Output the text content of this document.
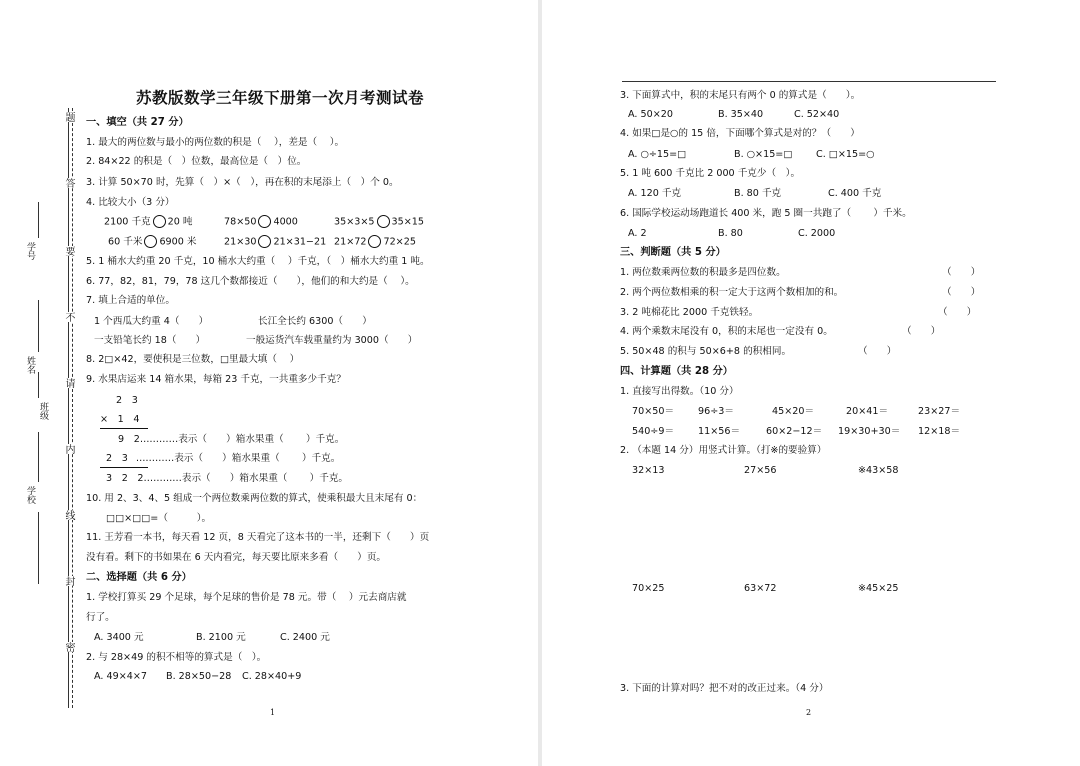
题
答
要
不
请
内
线
封
密
学号
姓名
班级
学校
苏教版数学三年级下册第一次月考测试卷
一、填空（共 27 分）
1. 最大的两位数与最小的两位数的积是（　 ），差是（　 ）。
2. 84×22 的积是（　）位数，最高位是（　）位。
3. 计算 50×70 时，先算（　）×（　），再在积的末尾添上（　）个 0。
4. 比较大小（3 分）
2100 千克 20 吨	78×50 4000	35×3×5 35×15
60 千米 6900 米	21×30 21×31−21 21×72 72×25
5. 1 桶水大约重 20 千克，10 桶水大约重（　 ）千克，（　）桶水大约重 1 吨。
6. 77，82，81，79，78 这几个数都接近（　　），他们的和大约是（　 ）。
7. 填上合适的单位。
1 个西瓜大约重 4（　　）	长江全长约 6300（　　）
一支铅笔长约 18（　　）	一般运货汽车载重量约为 3000（　　）
8. 2□×42，要使积是三位数，□里最大填（　 ）
9. 水果店运来 14 箱水果，每箱 23 千克，一共重多少千克？
2　3
×　1　4
9　2…………表示（　　）箱水果重（　　 ）千克。
2　3 …………表示（　　）箱水果重（　　 ）千克。
3　2　2…………表示（　　）箱水果重（　　 ）千克。
10. 用 2、3、4、5 组成一个两位数乘两位数的算式，使乘积最大且末尾有 0：
□□×□□=（　　　）。
11. 王芳看一本书，每天看 12 页，8 天看完了这本书的一半，还剩下（　　）页
没有看。剩下的书如果在 6 天内看完，每天要比原来多看（　　）页。
二、选择题（共 6 分）
1. 学校打算买 29 个足球，每个足球的售价是 78 元。带（　 ）元去商店就
行了。
A. 3400 元	B. 2100 元	C. 2400 元
2. 与 28×49 的积不相等的算式是（　）。
A. 49×4×7 B. 28×50−28 C. 28×40+9
1
3. 下面算式中，积的末尾只有两个 0 的算式是（　　）。
A. 50×20	B. 35×40	C. 52×40
4. 如果□是○的 15 倍，下面哪个算式是对的？（　　）
A. ○÷15=□	B. ○×15=□ C. □×15=○
5. 1 吨 600 千克比 2 000 千克少（　）。
A. 120 千克	B. 80 千克	C. 400 千克
6. 国际学校运动场跑道长 400 米，跑 5 圈一共跑了（　　 ）千米。
A. 2	B. 80	C. 2000
三、判断题（共 5 分）
1. 两位数乘两位数的积最多是四位数。	（　　）
2. 两个两位数相乘的积一定大于这两个数相加的和。	（　　）
3. 2 吨棉花比 2000 千克铁轻。	（　　）
4. 两个乘数末尾没有 0，积的末尾也一定没有 0。	（　　）
5. 50×48 的积与 50×6+8 的积相同。	（　　）
四、计算题（共 28 分）
1. 直接写出得数。（10 分）
70×50＝ 96÷3＝	45×20＝	20×41＝	23×27＝
540÷9＝ 11×56＝	60×2−12＝ 19×30+30＝ 12×18＝
2. （本题 14 分）用竖式计算。（打※的要验算）
32×13	27×56	※43×58
70×25	63×72	※45×25
3. 下面的计算对吗？把不对的改正过来。（4 分）
2
